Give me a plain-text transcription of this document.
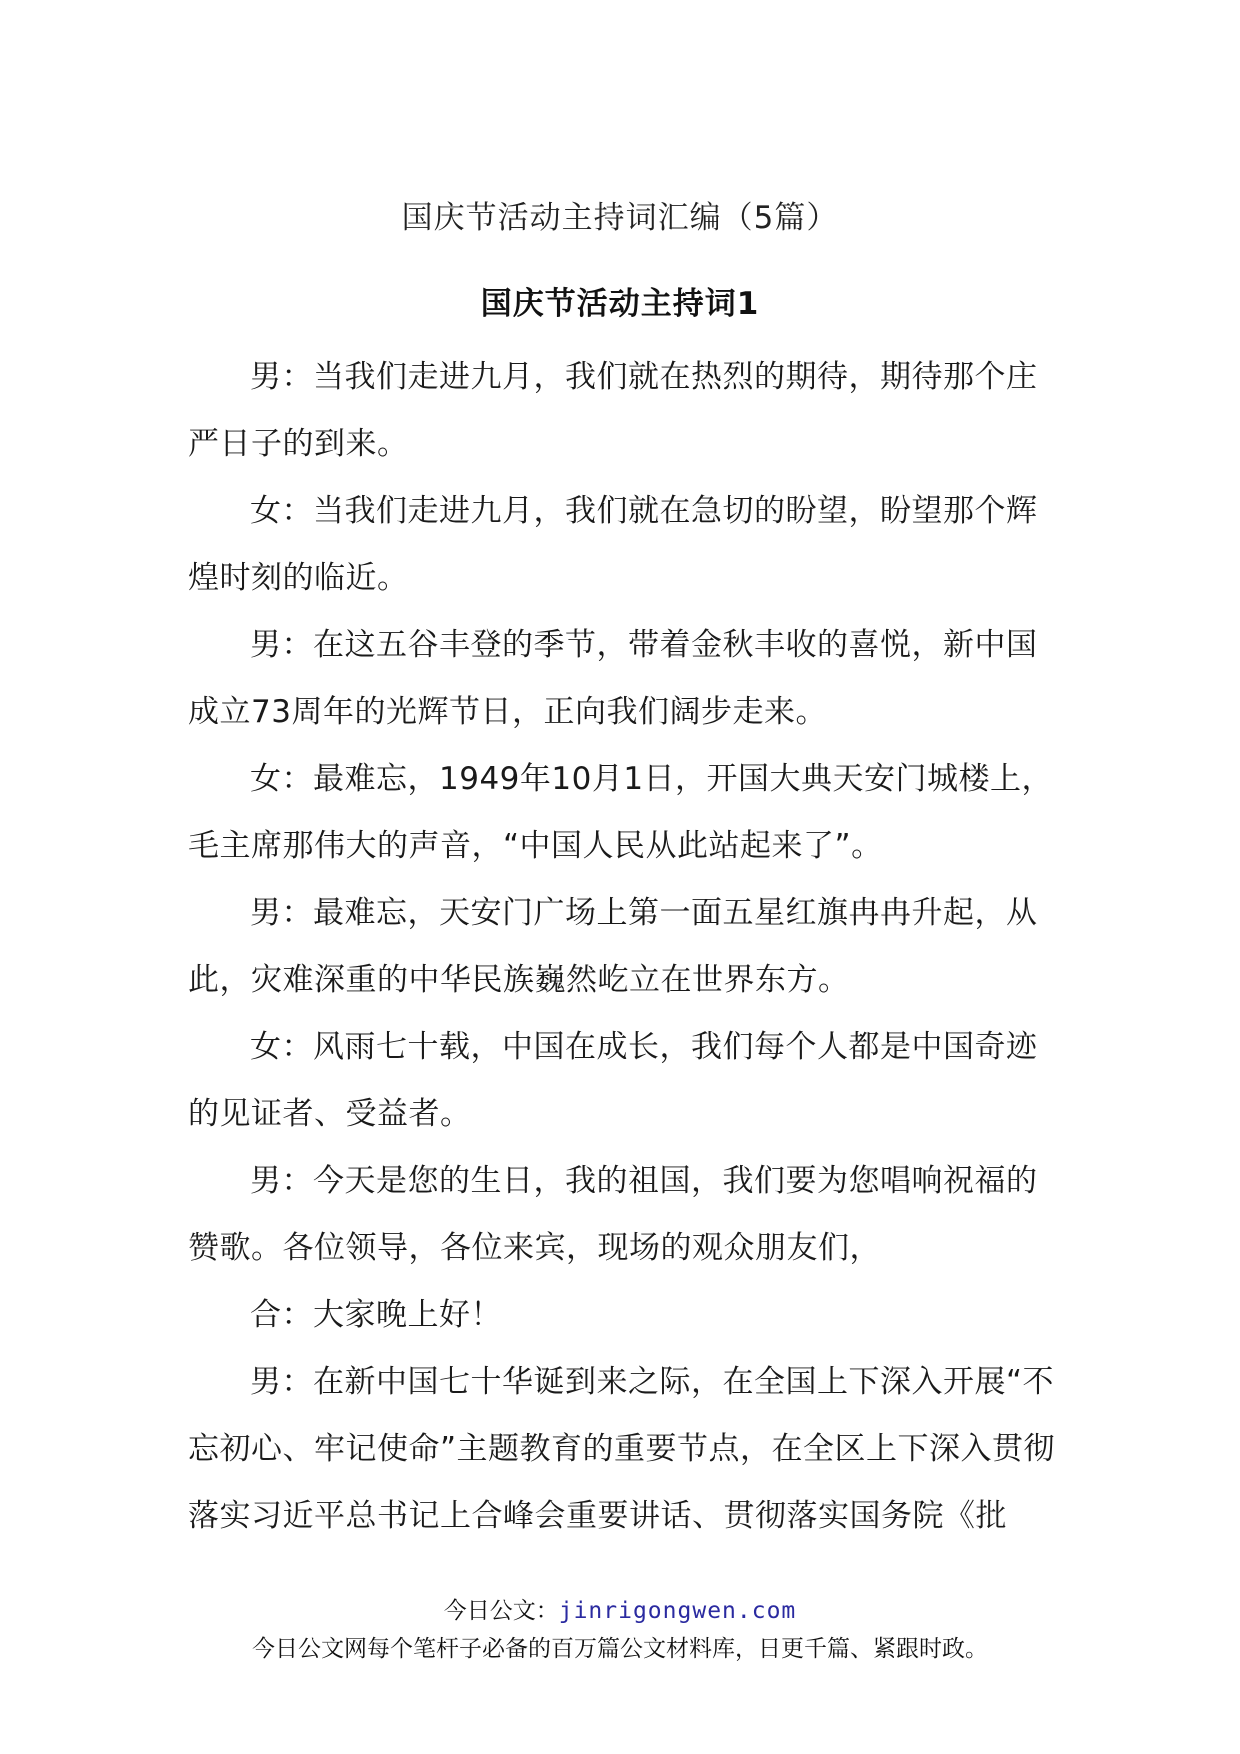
国庆节活动主持词汇编（5篇）
国庆节活动主持词1

男：当我们走进九月，我们就在热烈的期待，期待那个庄严日子的到来。

女：当我们走进九月，我们就在急切的盼望，盼望那个辉煌时刻的临近。

男：在这五谷丰登的季节，带着金秋丰收的喜悦，新中国成立73周年的光辉节日，正向我们阔步走来。

女：最难忘，1949年10月1日，开国大典天安门城楼上，毛主席那伟大的声音，“中国人民从此站起来了”。

男：最难忘，天安门广场上第一面五星红旗冉冉升起，从此，灾难深重的中华民族巍然屹立在世界东方。

女：风雨七十载，中国在成长，我们每个人都是中国奇迹的见证者、受益者。

男：今天是您的生日，我的祖国，我们要为您唱响祝福的赞歌。各位领导，各位来宾，现场的观众朋友们，

合：大家晚上好！

男：在新中国七十华诞到来之际，在全国上下深入开展“不忘初心、牢记使命”主题教育的重要节点，在全区上下深入贯彻落实习近平总书记上合峰会重要讲话、贯彻落实国务院《批

今日公文：jinrigongwen.com
今日公文网每个笔杆子必备的百万篇公文材料库，日更千篇、紧跟时政。
